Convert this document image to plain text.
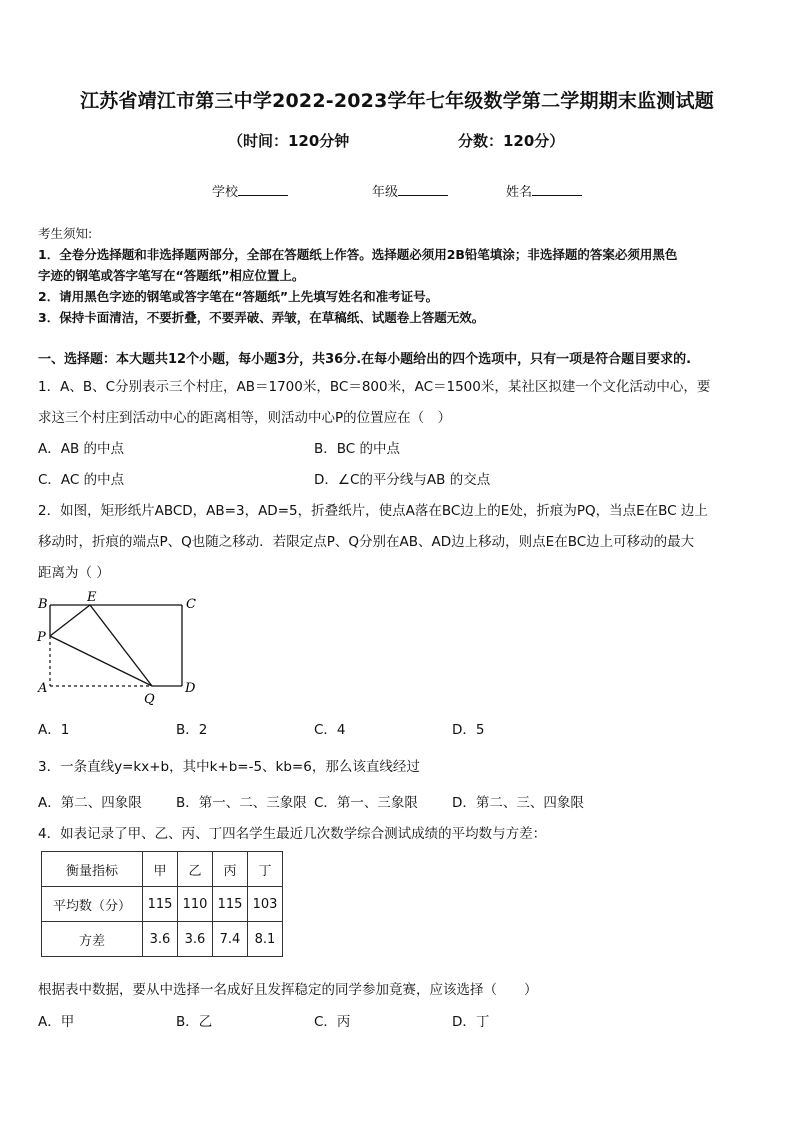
江苏省靖江市第三中学2022-2023学年七年级数学第二学期期末监测试题
（时间：120分钟	分数：120分）
学校	年级	姓名
考生须知:
1．全卷分选择题和非选择题两部分，全部在答题纸上作答。选择题必须用2B铅笔填涂；非选择题的答案必须用黑色
字迹的钢笔或答字笔写在“答题纸”相应位置上。
2．请用黑色字迹的钢笔或答字笔在“答题纸”上先填写姓名和准考证号。
3．保持卡面清洁，不要折叠，不要弄破、弄皱，在草稿纸、试题卷上答题无效。
一、选择题：本大题共12个小题，每小题3分，共36分.在每小题给出的四个选项中，只有一项是符合题目要求的.
1．A、B、C分别表示三个村庄，AB＝1700米，BC＝800米，AC＝1500米，某社区拟建一个文化活动中心，要
求这三个村庄到活动中心的距离相等，则活动中心P的位置应在（　）
A．AB 的中点	B．BC 的中点
C．AC 的中点	D．∠C的平分线与AB 的交点
2．如图，矩形纸片ABCD，AB=3，AD=5，折叠纸片，使点A落在BC边上的E处，折痕为PQ，当点E在BC 边上
移动时，折痕的端点P、Q也随之移动．若限定点P、Q分别在AB、AD边上移动，则点E在BC边上可移动的最大
距离为（ ）
B	E	C
P
A
Q
D
A．1	B．2	C．4	D．5
3．一条直线y=kx+b，其中k+b=-5、kb=6，那么该直线经过
A．第二、四象限	B．第一、二、三象限 C．第一、三象限	D．第二、三、四象限
4．如表记录了甲、乙、丙、丁四名学生最近几次数学综合测试成绩的平均数与方差：
衡量指标	甲	乙	丙	丁
平均数（分）	115	110	115	103
方差	3.6	3.6	7.4	8.1
根据表中数据，要从中选择一名成好且发挥稳定的同学参加竟赛，应该选择（　　）
A．甲	B．乙	C．丙	D．丁
